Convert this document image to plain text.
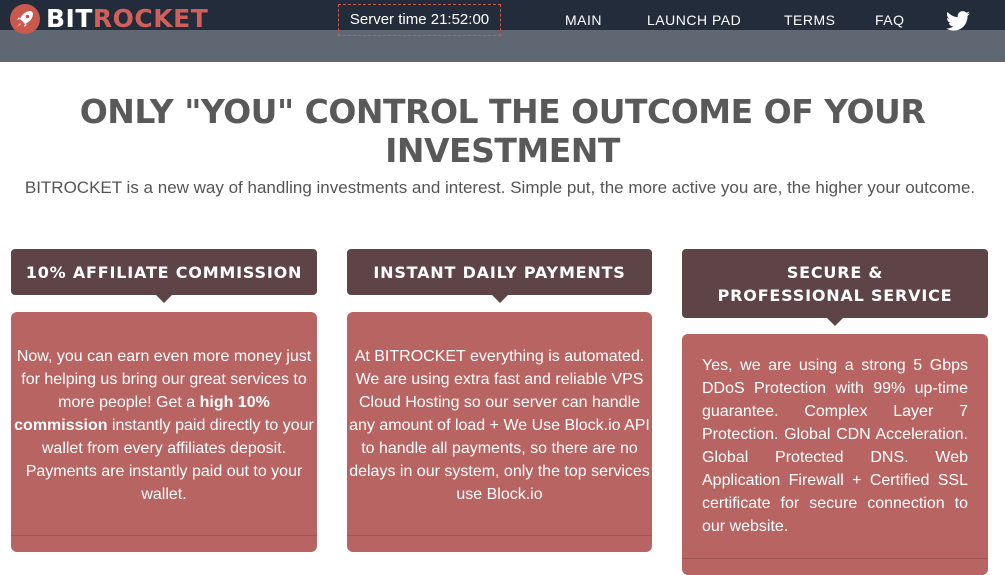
BITROCKET	Server time 21:52:00	MAIN	LAUNCH PAD	TERMS	FAQ
ONLY "YOU" CONTROL THE OUTCOME OF YOUR
INVESTMENT
BITROCKET is a new way of handling investments and interest. Simple put, the more active you are, the higher your outcome.
10% AFFILIATE COMMISSION
Now, you can earn even more money just for helping us bring our great services to more people! Get a high 10% commission instantly paid directly to your wallet from every affiliates deposit. Payments are instantly paid out to your wallet.
INSTANT DAILY PAYMENTS
At BITROCKET everything is automated. We are using extra fast and reliable VPS Cloud Hosting so our server can handle any amount of load + We Use Block.io API to handle all payments, so there are no delays in our system, only the top services use Block.io
SECURE & PROFESSIONAL SERVICE
Yes, we are using a strong 5 Gbps DDoS Protection with 99% up-time guarantee. Complex Layer 7 Protection. Global CDN Acceleration. Global Protected DNS. Web Application Firewall + Certified SSL certificate for secure connection to our website.
